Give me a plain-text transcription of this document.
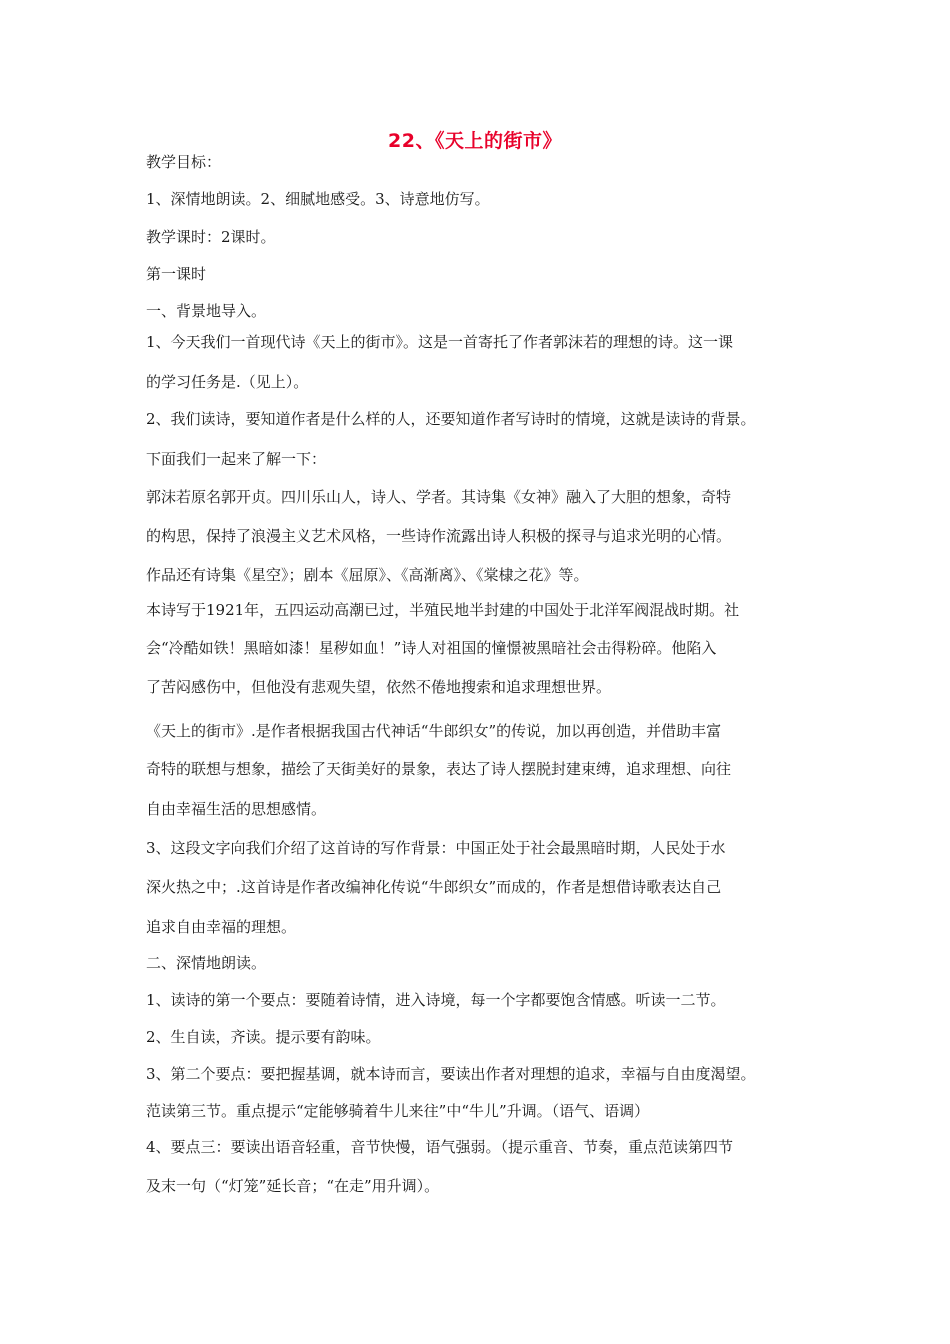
22、《天上的街市》
教学目标：
1、深情地朗读。2、细腻地感受。3、诗意地仿写。
教学课时：2课时。
第一课时
一、背景地导入。
1、今天我们一首现代诗《天上的街市》。这是一首寄托了作者郭沫若的理想的诗。这一课
的学习任务是.（见上）。
2、我们读诗，要知道作者是什么样的人，还要知道作者写诗时的情境，这就是读诗的背景。
下面我们一起来了解一下：
郭沫若原名郭开贞。四川乐山人，诗人、学者。其诗集《女神》融入了大胆的想象，奇特
的构思，保持了浪漫主义艺术风格，一些诗作流露出诗人积极的探寻与追求光明的心情。
作品还有诗集《星空》；剧本《屈原》、《高渐离》、《棠棣之花》等。
本诗写于1921年，五四运动高潮已过，半殖民地半封建的中国处于北洋军阀混战时期。社
会“冷酷如铁！黑暗如漆！星秽如血！”诗人对祖国的憧憬被黑暗社会击得粉碎。他陷入
了苦闷感伤中，但他没有悲观失望，依然不倦地搜索和追求理想世界。
《天上的街市》.是作者根据我国古代神话“牛郎织女”的传说，加以再创造，并借助丰富
奇特的联想与想象，描绘了天街美好的景象，表达了诗人摆脱封建束缚，追求理想、向往
自由幸福生活的思想感情。
3、这段文字向我们介绍了这首诗的写作背景：中国正处于社会最黑暗时期，人民处于水
深火热之中；.这首诗是作者改编神化传说“牛郎织女”而成的，作者是想借诗歌表达自己
追求自由幸福的理想。
二、深情地朗读。
1、读诗的第一个要点：要随着诗情，进入诗境，每一个字都要饱含情感。听读一二节。
2、生自读，齐读。提示要有韵味。
3、第二个要点：要把握基调，就本诗而言，要读出作者对理想的追求，幸福与自由度渴望。
范读第三节。重点提示“定能够骑着牛儿来往”中“牛儿”升调。（语气、语调）
4、要点三：要读出语音轻重，音节快慢，语气强弱。（提示重音、节奏，重点范读第四节
及末一句（“灯笼”延长音；“在走”用升调）。
